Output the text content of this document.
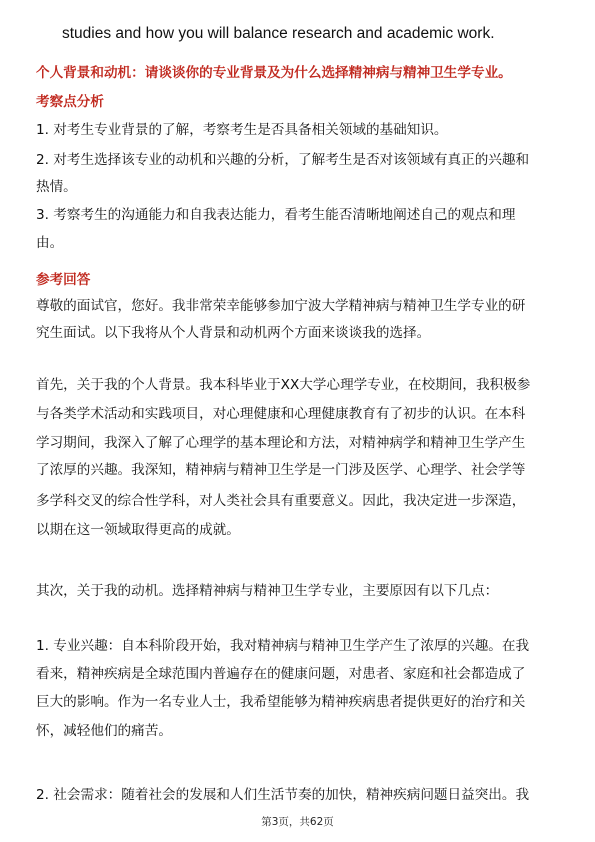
studies and how you will balance research and academic work.
个人背景和动机：请谈谈你的专业背景及为什么选择精神病与精神卫生学专业。
考察点分析
1. 对考生专业背景的了解，考察考生是否具备相关领域的基础知识。
2. 对考生选择该专业的动机和兴趣的分析，了解考生是否对该领域有真正的兴趣和
热情。
3. 考察考生的沟通能力和自我表达能力，看考生能否清晰地阐述自己的观点和理
由。
参考回答
尊敬的面试官，您好。我非常荣幸能够参加宁波大学精神病与精神卫生学专业的研
究生面试。以下我将从个人背景和动机两个方面来谈谈我的选择。
首先，关于我的个人背景。我本科毕业于XX大学心理学专业，在校期间，我积极参
与各类学术活动和实践项目，对心理健康和心理健康教育有了初步的认识。在本科
学习期间，我深入了解了心理学的基本理论和方法，对精神病学和精神卫生学产生
了浓厚的兴趣。我深知，精神病与精神卫生学是一门涉及医学、心理学、社会学等
多学科交叉的综合性学科，对人类社会具有重要意义。因此，我决定进一步深造，
以期在这一领域取得更高的成就。
其次，关于我的动机。选择精神病与精神卫生学专业，主要原因有以下几点：
1. 专业兴趣：自本科阶段开始，我对精神病与精神卫生学产生了浓厚的兴趣。在我
看来，精神疾病是全球范围内普遍存在的健康问题，对患者、家庭和社会都造成了
巨大的影响。作为一名专业人士，我希望能够为精神疾病患者提供更好的治疗和关
怀，减轻他们的痛苦。
2. 社会需求：随着社会的发展和人们生活节奏的加快，精神疾病问题日益突出。我
第3页，共62页
